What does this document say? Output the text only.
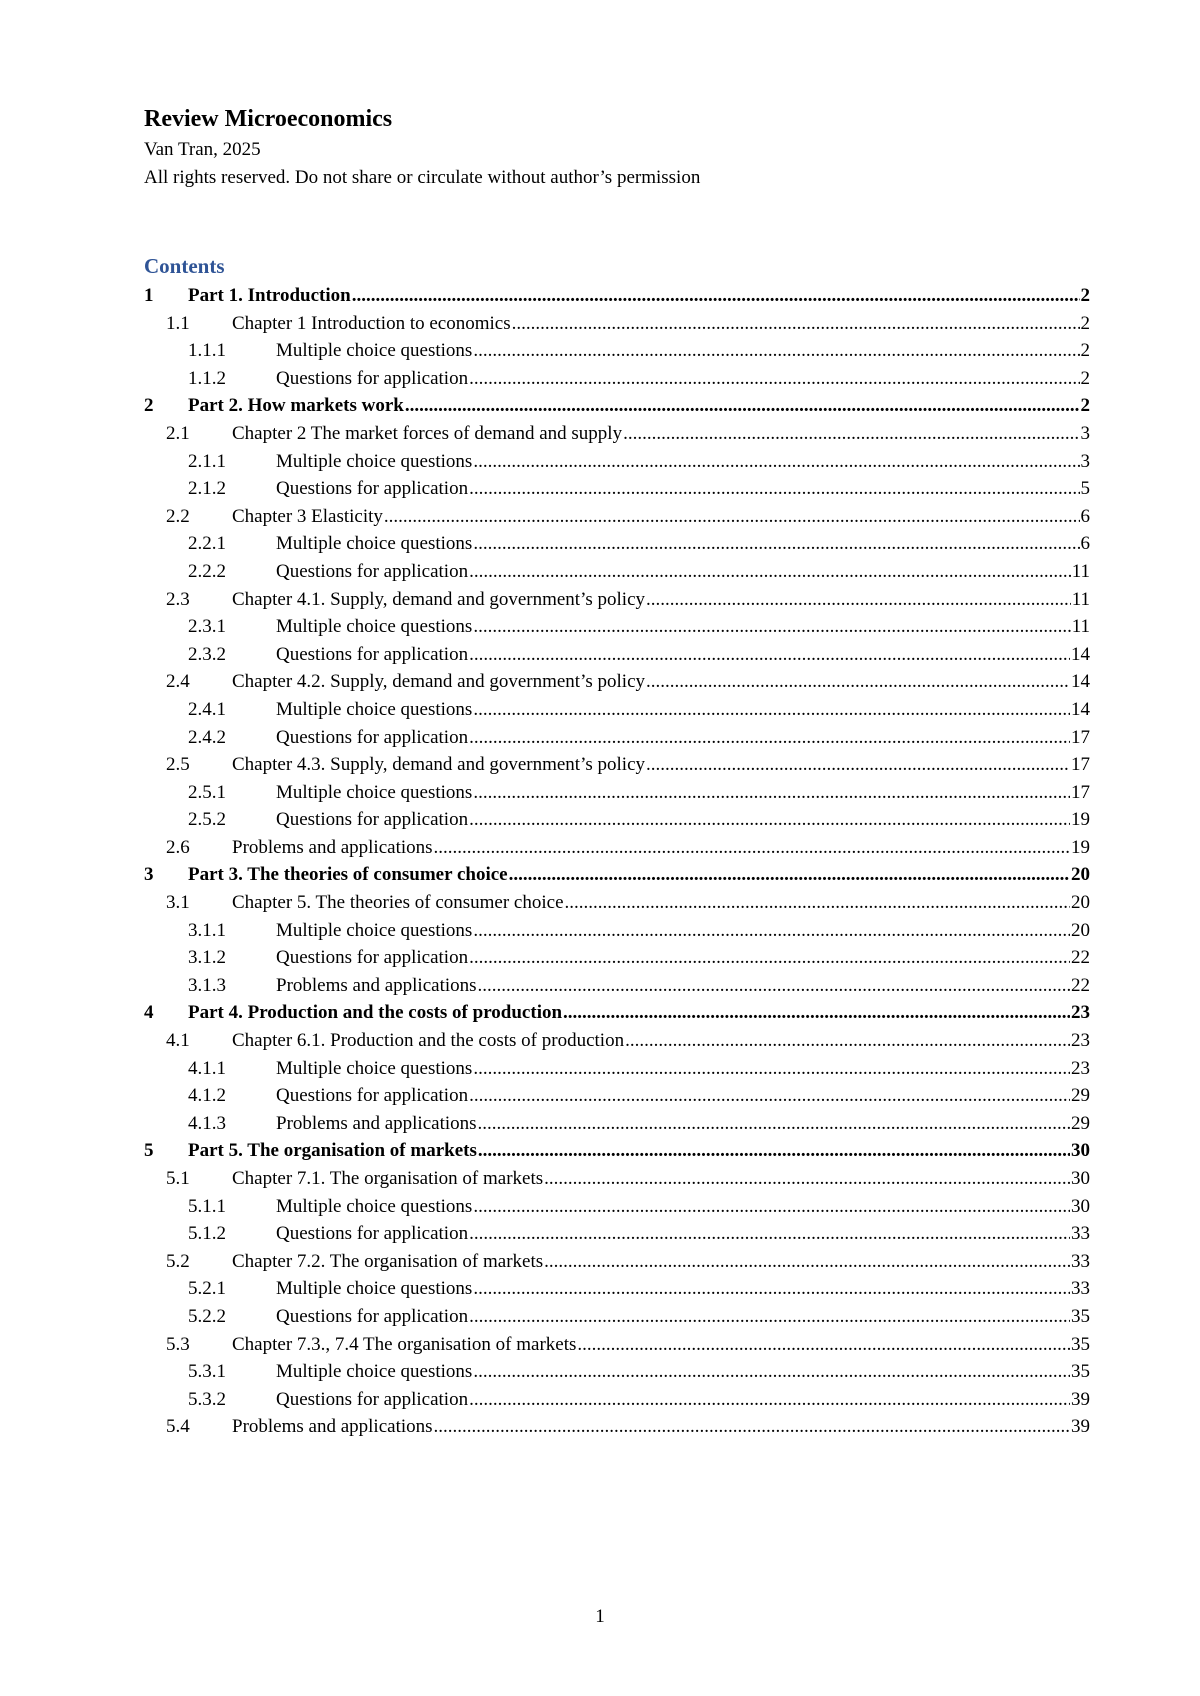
Review Microeconomics
Van Tran, 2025
All rights reserved. Do not share or circulate without author’s permission
Contents
1	Part 1. Introduction .....	2
1.1	Chapter 1 Introduction to economics .....	2
1.1.1	Multiple choice questions .....	2
1.1.2	Questions for application .....	2
2	Part 2. How markets work .....	2
2.1	Chapter 2 The market forces of demand and supply .....	3
2.1.1	Multiple choice questions .....	3
2.1.2	Questions for application .....	5
2.2	Chapter 3 Elasticity .....	6
2.2.1	Multiple choice questions .....	6
2.2.2	Questions for application .....	11
2.3	Chapter 4.1. Supply, demand and government’s policy .....	11
2.3.1	Multiple choice questions .....	11
2.3.2	Questions for application .....	14
2.4	Chapter 4.2. Supply, demand and government’s policy .....	14
2.4.1	Multiple choice questions .....	14
2.4.2	Questions for application .....	17
2.5	Chapter 4.3. Supply, demand and government’s policy .....	17
2.5.1	Multiple choice questions .....	17
2.5.2	Questions for application .....	19
2.6	Problems and applications .....	19
3	Part 3. The theories of consumer choice .....	20
3.1	Chapter 5. The theories of consumer choice .....	20
3.1.1	Multiple choice questions .....	20
3.1.2	Questions for application .....	22
3.1.3	Problems and applications .....	22
4	Part 4. Production and the costs of production .....	23
4.1	Chapter 6.1. Production and the costs of production .....	23
4.1.1	Multiple choice questions .....	23
4.1.2	Questions for application .....	29
4.1.3	Problems and applications .....	29
5	Part 5. The organisation of markets .....	30
5.1	Chapter 7.1. The organisation of markets .....	30
5.1.1	Multiple choice questions .....	30
5.1.2	Questions for application .....	33
5.2	Chapter 7.2. The organisation of markets .....	33
5.2.1	Multiple choice questions .....	33
5.2.2	Questions for application .....	35
5.3	Chapter 7.3., 7.4 The organisation of markets .....	35
5.3.1	Multiple choice questions .....	35
5.3.2	Questions for application .....	39
5.4	Problems and applications .....	39
1
